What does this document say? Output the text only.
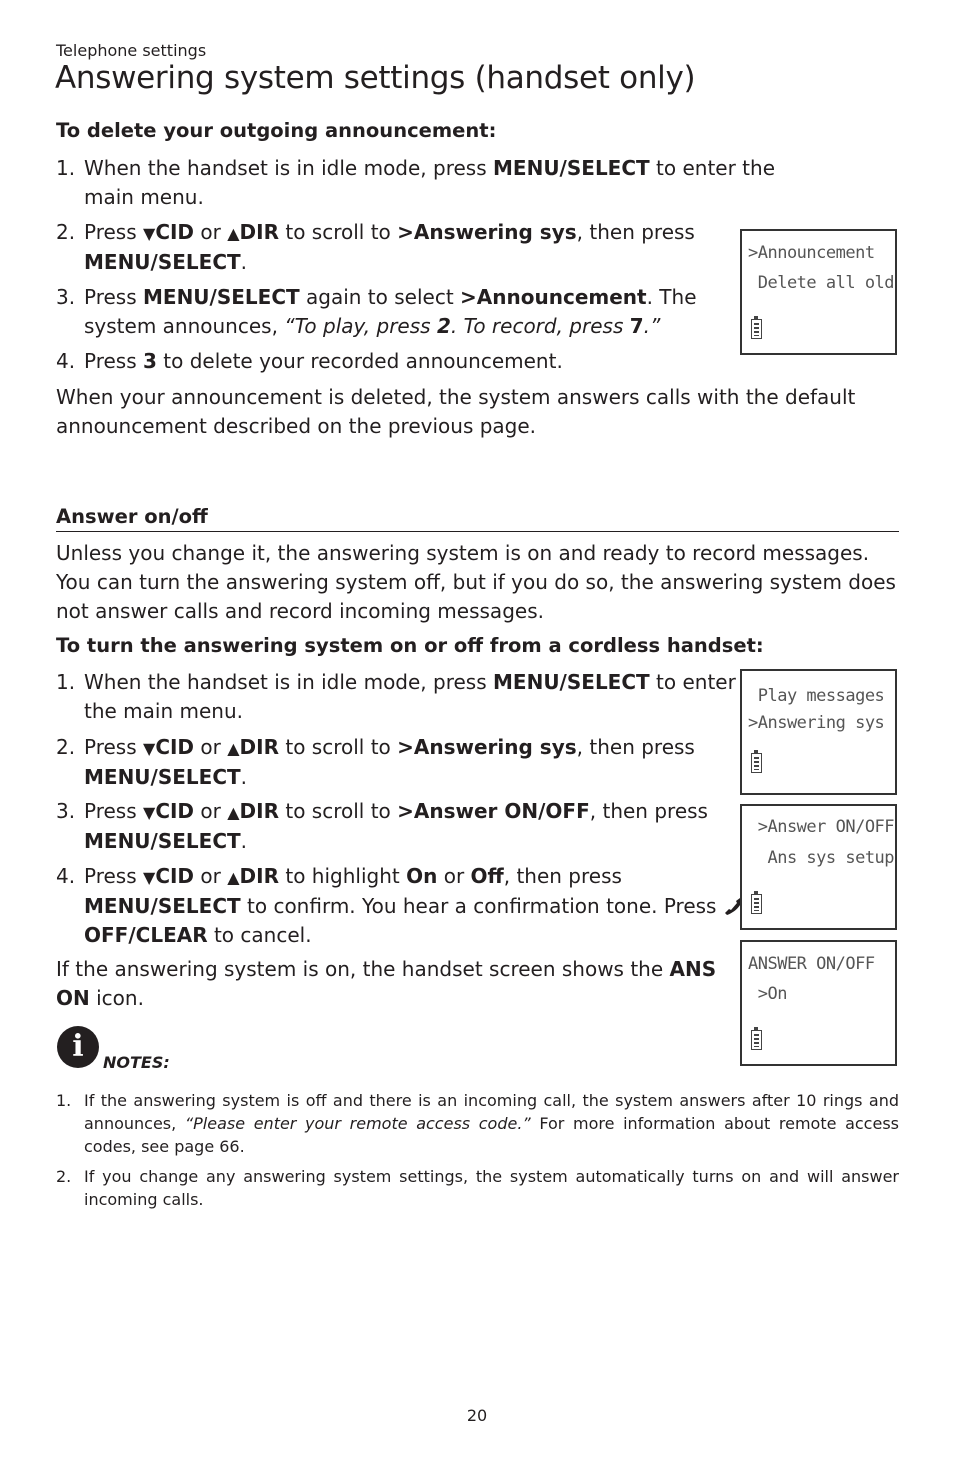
Telephone settings
Answering system settings (handset only)
To delete your outgoing announcement:
1. When the handset is in idle mode, press MENU/SELECT to enter the main menu.
2. Press ▼CID or ▲DIR to scroll to >Answering sys, then press MENU/SELECT.
3. Press MENU/SELECT again to select >Announcement. The system announces, “To play, press 2. To record, press 7.”
4. Press 3 to delete your recorded announcement.
When your announcement is deleted, the system answers calls with the default announcement described on the previous page.
Answer on/off
Unless you change it, the answering system is on and ready to record messages. You can turn the answering system off, but if you do so, the answering system does not answer calls and record incoming messages.
To turn the answering system on or off from a cordless handset:
1. When the handset is in idle mode, press MENU/SELECT to enter the main menu.
2. Press ▼CID or ▲DIR to scroll to >Answering sys, then press MENU/SELECT.
3. Press ▼CID or ▲DIR to scroll to >Answer ON/OFF, then press MENU/SELECT.
4. Press ▼CID or ▲DIR to highlight On or Off, then press MENU/SELECT to confirm. You hear a confirmation tone. Press  OFF/CLEAR to cancel.
If the answering system is on, the handset screen shows the ANS ON icon.
>Announcement
Delete all old
Play messages
>Answering sys
>Answer ON/OFF
Ans sys setup
ANSWER ON/OFF
>On
i	NOTES:
1. If the answering system is off and there is an incoming call, the system answers after 10 rings and announces, “Please enter your remote access code.” For more information about remote access codes, see page 66.
2. If you change any answering system settings, the system automatically turns on and will answer incoming calls.
20
